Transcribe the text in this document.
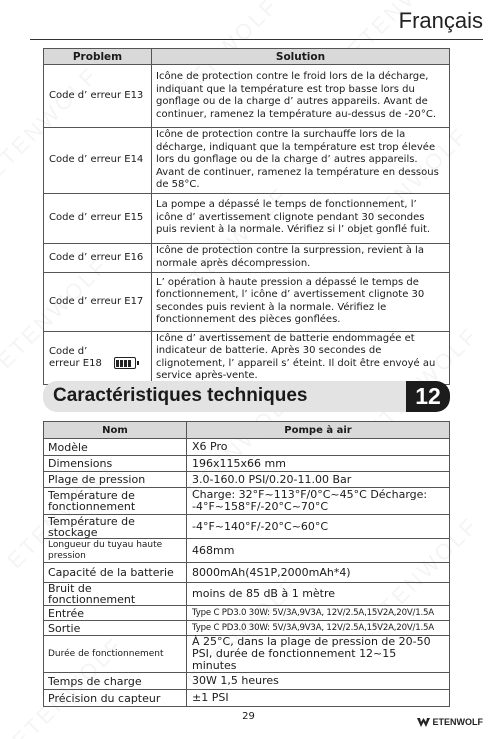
Français
Problem	Solution
Code d’ erreur E13	Icône de protection contre le froid lors de la décharge, indiquant que la température est trop basse lors du gonflage ou de la charge d’ autres appareils. Avant de continuer, ramenez la température au-dessus de -20°C.
Code d’ erreur E14	Icône de protection contre la surchauffe lors de la décharge, indiquant que la température est trop élevée lors du gonflage ou de la charge d’ autres appareils. Avant de continuer, ramenez la température en dessous de 58°C.
Code d’ erreur E15	La pompe a dépassé le temps de fonctionnement, l’ icône d’ avertissement clignote pendant 30 secondes puis revient à la normale. Vérifiez si l’ objet gonflé fuit.
Code d’ erreur E16	Icône de protection contre la surpression, revient à la normale après décompression.
Code d’ erreur E17	L’ opération à haute pression a dépassé le temps de fonctionnement, l’ icône d’ avertissement clignote 30 secondes puis revient à la normale. Vérifiez le fonctionnement des pièces gonflées.

Code d’ erreur E18	Icône d’ avertissement de batterie endommagée et indicateur de batterie. Après 30 secondes de clignotement, l’ appareil s’ éteint. Il doit être envoyé au service après-vente.
Caractéristiques techniques	12
Nom	Pompe à air
Modèle	X6 Pro
Dimensions	196x115x66 mm
Plage de pression	3.0-160.0 PSI/0.20-11.00 Bar
Température de fonctionnement	Charge: 32°F~113°F/0°C~45°C Décharge: -4°F~158°F/-20°C~70°C
Température de stockage	-4°F~140°F/-20°C~60°C
Longueur du tuyau haute pression	468mm
Capacité de la batterie	8000mAh(4S1P,2000mAh*4)
Bruit de fonctionnement	moins de 85 dB à 1 mètre
Entrée	Type C PD3.0 30W: 5V/3A,9V3A, 12V/2.5A,15V2A,20V/1.5A
Sortie	Type C PD3.0 30W: 5V/3A,9V3A, 12V/2.5A,15V2A,20V/1.5A
Durée de fonctionnement	À 25°C, dans la plage de pression de 20-50 PSI, durée de fonctionnement 12~15 minutes
Temps de charge	30W 1,5 heures
Précision du capteur	±1 PSI
29	ETENWOLF
